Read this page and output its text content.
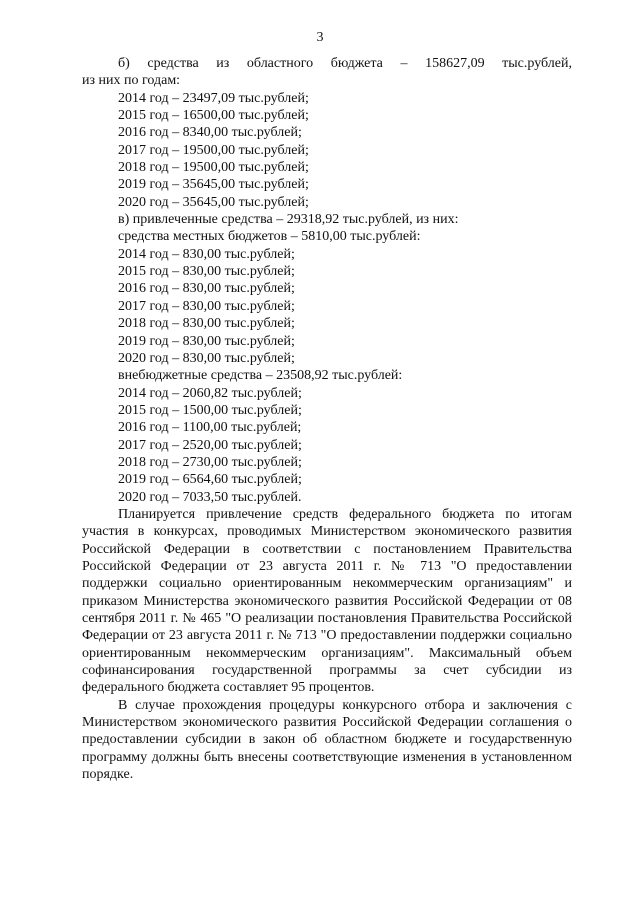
3

б) средства из областного бюджета – 158627,09 тыс.рублей,

из них по годам:

2014 год – 23497,09 тыс.рублей;

2015 год – 16500,00 тыс.рублей;

2016 год – 8340,00 тыс.рублей;

2017 год – 19500,00 тыс.рублей;

2018 год – 19500,00 тыс.рублей;

2019 год – 35645,00 тыс.рублей;

2020 год – 35645,00 тыс.рублей;

в) привлеченные средства – 29318,92 тыс.рублей, из них:

средства местных бюджетов – 5810,00 тыс.рублей:

2014 год – 830,00 тыс.рублей;

2015 год – 830,00 тыс.рублей;

2016 год – 830,00 тыс.рублей;

2017 год – 830,00 тыс.рублей;

2018 год – 830,00 тыс.рублей;

2019 год – 830,00 тыс.рублей;

2020 год – 830,00 тыс.рублей;

внебюджетные средства – 23508,92 тыс.рублей:

2014 год – 2060,82 тыс.рублей;

2015 год – 1500,00 тыс.рублей;

2016 год – 1100,00 тыс.рублей;

2017 год – 2520,00 тыс.рублей;

2018 год – 2730,00 тыс.рублей;

2019 год – 6564,60 тыс.рублей;

2020 год – 7033,50 тыс.рублей.

Планируется привлечение средств федерального бюджета по итогам участия в конкурсах, проводимых Министерством экономического развития Российской Федерации в соответствии с постановлением Правительства Российской Федерации от 23 августа 2011 г. № 713 "О предоставлении поддержки социально ориентированным некоммерческим организациям" и приказом Министерства экономического развития Российской Федерации от 08 сентября 2011 г. № 465 "О реализации постановления Правительства Российской Федерации от 23 августа 2011 г. № 713 "О предоставлении поддержки социально ориентированным некоммерческим организациям". Максимальный объем софинансирования государственной программы за счет субсидии из федерального бюджета составляет 95 процентов.

В случае прохождения процедуры конкурсного отбора и заключения с Министерством экономического развития Российской Федерации соглашения о предоставлении субсидии в закон об областном бюджете и государственную программу должны быть внесены соответствующие изменения в установленном порядке.
